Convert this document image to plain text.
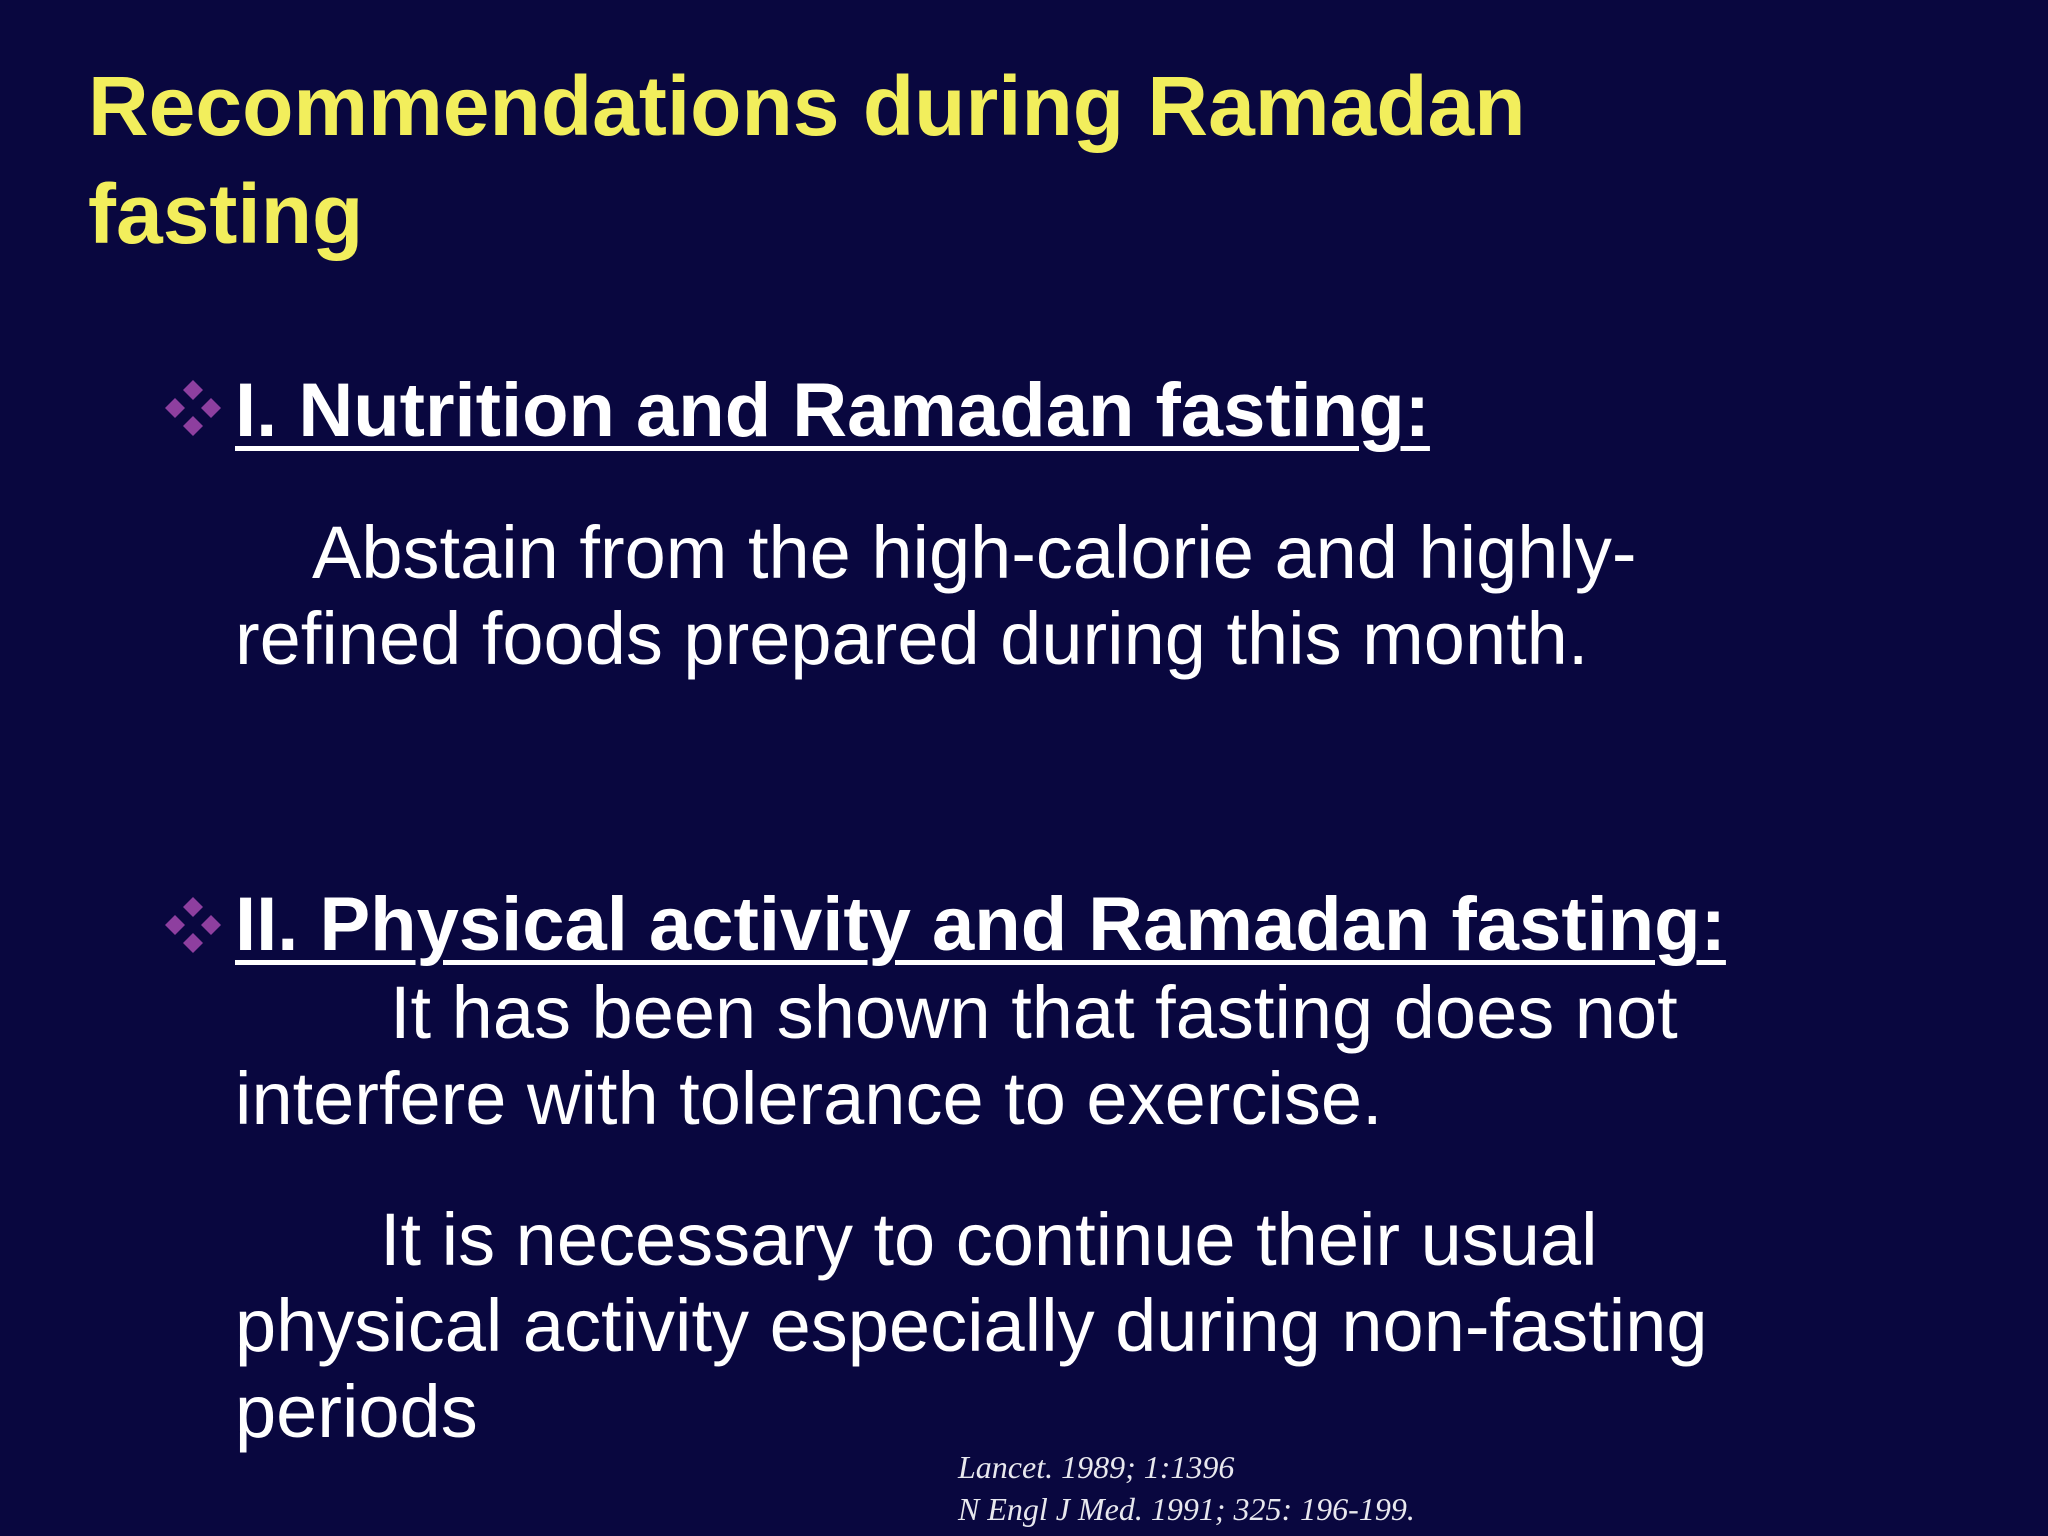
Recommendations during Ramadan
fasting
I. Nutrition and Ramadan fasting:
Abstain from the high-calorie and highly-
refined foods prepared during this month.
II. Physical activity and Ramadan fasting:
It has been shown that fasting does not
interfere with tolerance to exercise.
It is necessary to continue their usual
physical activity especially during non-fasting
periods
Lancet. 1989; 1:1396
N Engl J Med. 1991; 325: 196-199.
